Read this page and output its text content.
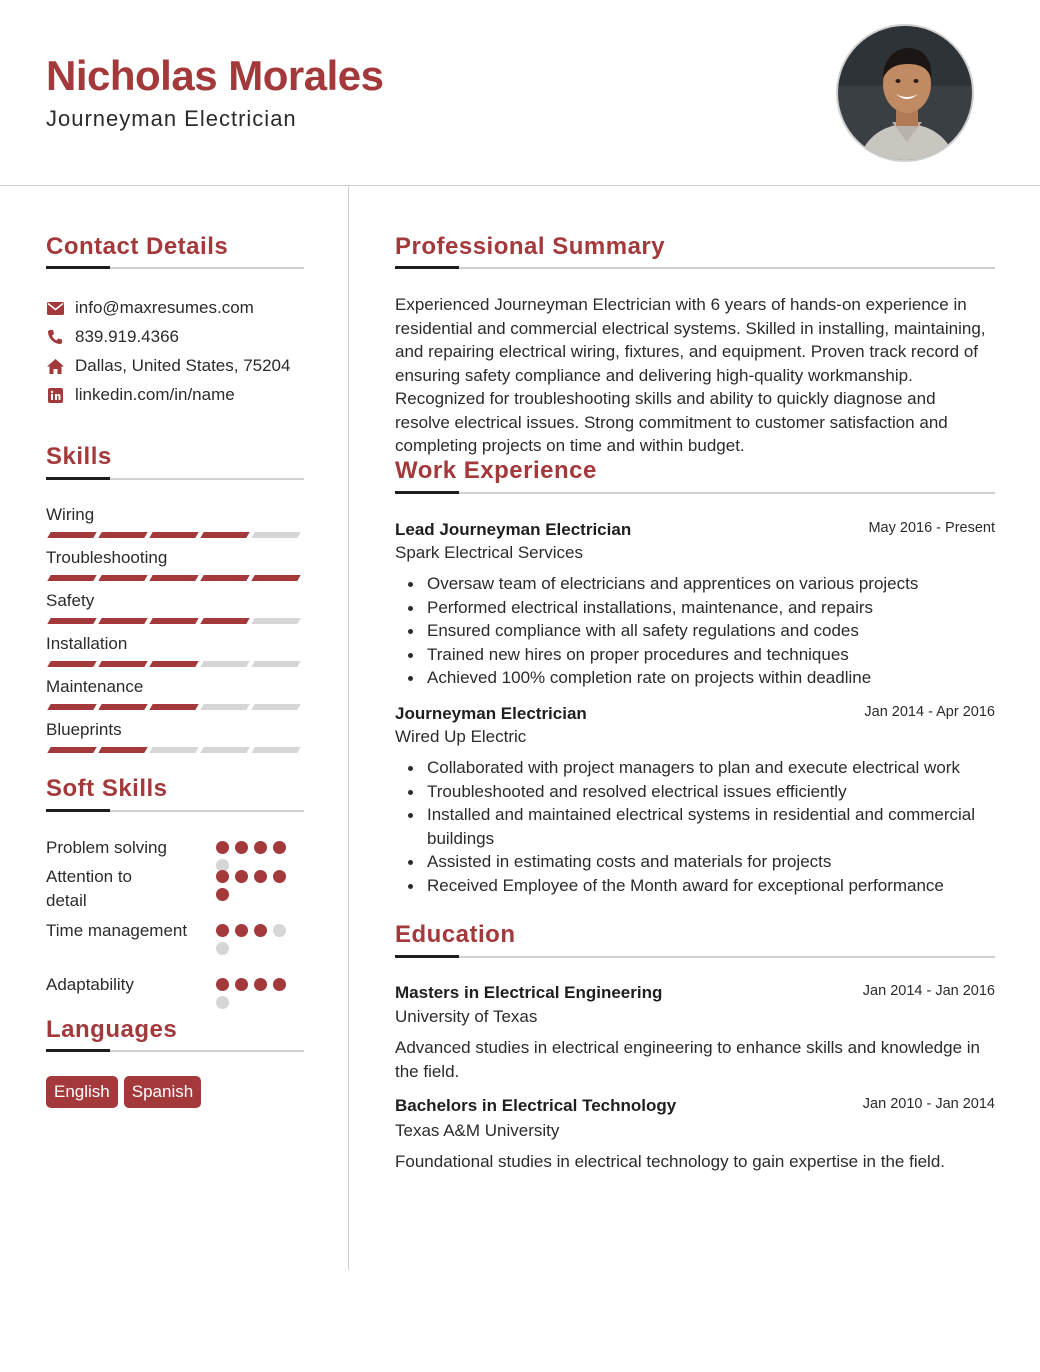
Nicholas Morales
Journeyman Electrician
Contact Details
info@maxresumes.com
839.919.4366
Dallas, United States, 75204
linkedin.com/in/name
Skills
Wiring
Troubleshooting
Safety
Installation
Maintenance
Blueprints
Soft Skills
Problem solving
Attention to detail
Time management
Adaptability
Languages
English	Spanish
Professional Summary
Experienced Journeyman Electrician with 6 years of hands-on experience in residential and commercial electrical systems. Skilled in installing, maintaining, and repairing electrical wiring, fixtures, and equipment. Proven track record of ensuring safety compliance and delivering high-quality workmanship. Recognized for troubleshooting skills and ability to quickly diagnose and resolve electrical issues. Strong commitment to customer satisfaction and completing projects on time and within budget.
Work Experience
Lead Journeyman Electrician	May 2016 - Present
Spark Electrical Services
Oversaw team of electricians and apprentices on various projects
Performed electrical installations, maintenance, and repairs
Ensured compliance with all safety regulations and codes
Trained new hires on proper procedures and techniques
Achieved 100% completion rate on projects within deadline
Journeyman Electrician	Jan 2014 - Apr 2016
Wired Up Electric
Collaborated with project managers to plan and execute electrical work
Troubleshooted and resolved electrical issues efficiently
Installed and maintained electrical systems in residential and commercial buildings
Assisted in estimating costs and materials for projects
Received Employee of the Month award for exceptional performance
Education
Masters in Electrical Engineering	Jan 2014 - Jan 2016
University of Texas
Advanced studies in electrical engineering to enhance skills and knowledge in the field.
Bachelors in Electrical Technology	Jan 2010 - Jan 2014
Texas A&M University
Foundational studies in electrical technology to gain expertise in the field.
